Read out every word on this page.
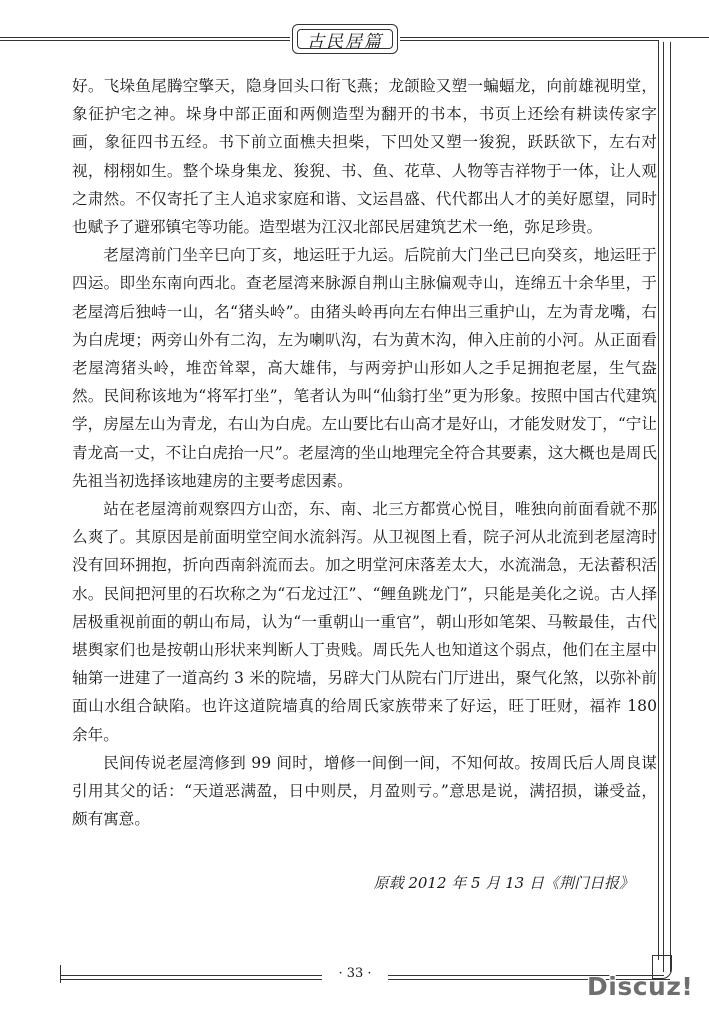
古民居篇

好。飞垛鱼尾腾空擎天，隐身回头口衔飞燕；龙颌睑又塑一蝙蝠龙，向前雄视明堂，象征护宅之神。垛身中部正面和两侧造型为翻开的书本，书页上还绘有耕读传家字画，象征四书五经。书下前立面樵夫担柴，下凹处又塑一狻猊，跃跃欲下，左右对视，栩栩如生。整个垛身集龙、狻猊、书、鱼、花草、人物等吉祥物于一体，让人观之肃然。不仅寄托了主人追求家庭和谐、文运昌盛、代代都出人才的美好愿望，同时也赋予了避邪镇宅等功能。造型堪为江汉北部民居建筑艺术一绝，弥足珍贵。

老屋湾前门坐辛巳向丁亥，地运旺于九运。后院前大门坐己巳向癸亥，地运旺于四运。即坐东南向西北。查老屋湾来脉源自荆山主脉偏观寺山，连绵五十余华里，于老屋湾后独峙一山，名“猪头岭”。由猪头岭再向左右伸出三重护山，左为青龙嘴，右为白虎埂；两旁山外有二沟，左为喇叭沟，右为黄木沟，伸入庄前的小河。从正面看老屋湾猪头岭，堆峦耸翠，高大雄伟，与两旁护山形如人之手足拥抱老屋，生气盎然。民间称该地为“将军打坐”，笔者认为叫“仙翁打坐”更为形象。按照中国古代建筑学，房屋左山为青龙，右山为白虎。左山要比右山高才是好山，才能发财发丁，“宁让青龙高一丈，不让白虎抬一尺”。老屋湾的坐山地理完全符合其要素，这大概也是周氏先祖当初选择该地建房的主要考虑因素。

站在老屋湾前观察四方山峦，东、南、北三方都赏心悦目，唯独向前面看就不那么爽了。其原因是前面明堂空间水流斜泻。从卫视图上看，院子河从北流到老屋湾时没有回环拥抱，折向西南斜流而去。加之明堂河床落差太大，水流湍急，无法蓄积活水。民间把河里的石坎称之为“石龙过江”、“鲤鱼跳龙门”，只能是美化之说。古人择居极重视前面的朝山布局，认为“一重朝山一重官”，朝山形如笔架、马鞍最佳，古代堪舆家们也是按朝山形状来判断人丁贵贱。周氏先人也知道这个弱点，他们在主屋中轴第一进建了一道高约 3 米的院墙，另辟大门从院右门厅进出，聚气化煞，以弥补前面山水组合缺陷。也许这道院墙真的给周氏家族带来了好运，旺丁旺财，福祚 180 余年。

民间传说老屋湾修到 99 间时，增修一间倒一间，不知何故。按周氏后人周良谋引用其父的话：“天道恶满盈，日中则昃，月盈则亏。”意思是说，满招损，谦受益，颇有寓意。

原载 2012 年 5 月 13 日《荆门日报》
· 33 ·	Discuz!
